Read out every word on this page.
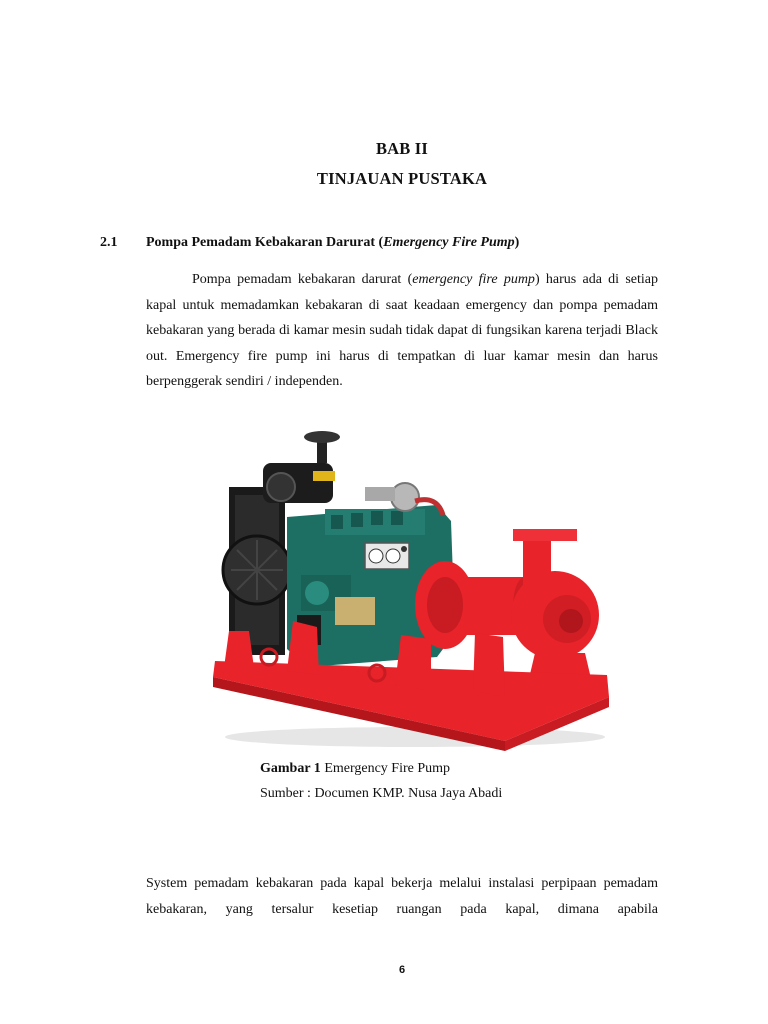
BAB II
TINJAUAN PUSTAKA
2.1 Pompa Pemadam Kebakaran Darurat (Emergency Fire Pump)
Pompa pemadam kebakaran darurat (emergency fire pump) harus ada di setiap kapal untuk memadamkan kebakaran di saat keadaan emergency dan pompa pemadam kebakaran yang berada di kamar mesin sudah tidak dapat di fungsikan karena terjadi Black out. Emergency fire pump ini harus di tempatkan di luar kamar mesin dan harus berpenggerak sendiri / independen.
Gambar 1 Emergency Fire Pump
Sumber : Documen KMP. Nusa Jaya Abadi
System pemadam kebakaran pada kapal bekerja melalui instalasi perpipaan pemadam kebakaran, yang tersalur kesetiap ruangan pada kapal, dimana apabila
6
